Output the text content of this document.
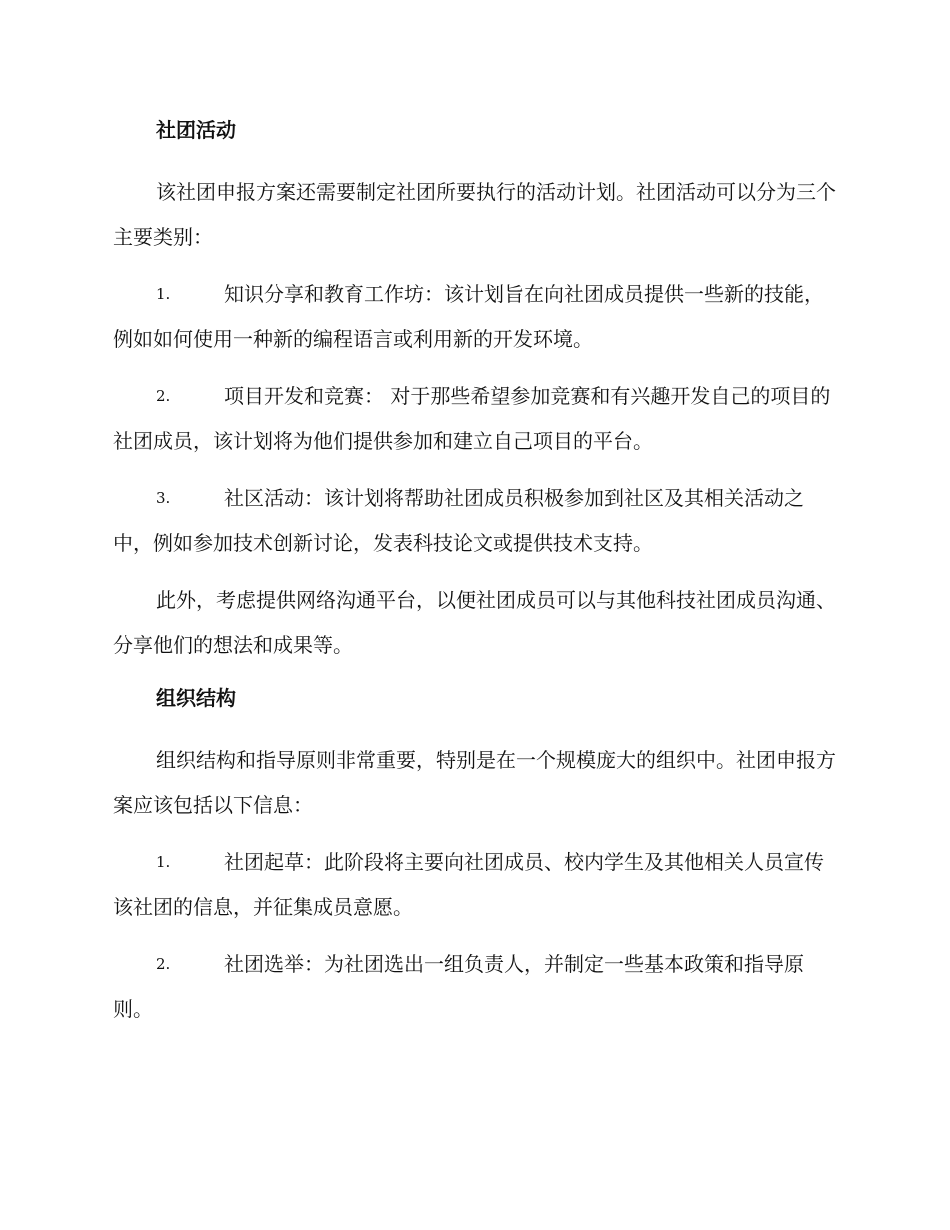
社团活动

该社团申报方案还需要制定社团所要执行的活动计划。社团活动可以分为三个主要类别：

1.	知识分享和教育工作坊：该计划旨在向社团成员提供一些新的技能，例如如何使用一种新的编程语言或利用新的开发环境。
2.	项目开发和竞赛： 对于那些希望参加竞赛和有兴趣开发自己的项目的社团成员，该计划将为他们提供参加和建立自己项目的平台。
3.	社区活动：该计划将帮助社团成员积极参加到社区及其相关活动之中，例如参加技术创新讨论，发表科技论文或提供技术支持。

此外，考虑提供网络沟通平台，以便社团成员可以与其他科技社团成员沟通、分享他们的想法和成果等。

组织结构

组织结构和指导原则非常重要，特别是在一个规模庞大的组织中。社团申报方案应该包括以下信息：

1.	社团起草：此阶段将主要向社团成员、校内学生及其他相关人员宣传该社团的信息，并征集成员意愿。
2.	社团选举：为社团选出一组负责人，并制定一些基本政策和指导原则。
